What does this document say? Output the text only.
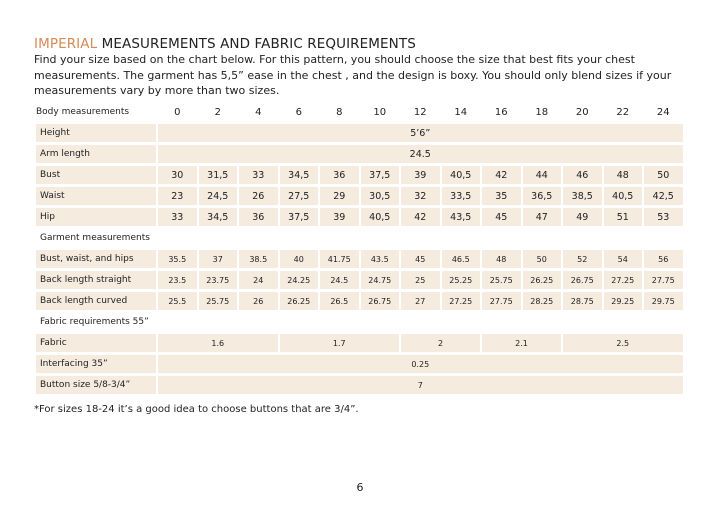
IMPERIAL MEASUREMENTS AND FABRIC REQUIREMENTS
Find your size based on the chart below. For this pattern, you should choose the size that best fits your chest measurements. The garment has 5,5” ease in the chest , and the design is boxy. You should only blend sizes if your measurements vary by more than two sizes.
Body measurements	0	2	4	6	8	10	12	14	16	18	20	22	24
Height	5’6”												
Arm length	24.5												
Bust	30	31,5	33	34,5	36	37,5	39	40,5	42	44	46	48	50
Waist	23	24,5	26	27,5	29	30,5	32	33,5	35	36,5	38,5	40,5	42,5
Hip	33	34,5	36	37,5	39	40,5	42	43,5	45	47	49	51	53
Garment measurements													
Bust, waist, and hips	35.5	37	38.5	40	41.75	43.5	45	46.5	48	50	52	54	56
Back length straight	23.5	23.75	24	24.25	24.5	24.75	25	25.25	25.75	26.25	26.75	27.25	27.75
Back length curved	25.5	25.75	26	26.25	26.5	26.75	27	27.25	27.75	28.25	28.75	29.25	29.75
Fabric requirements 55”													
Fabric	1.6			1.7			2		2.1		2.5		
Interfacing 35”	0.25												
Button size 5/8-3/4”	7												
*For sizes 18-24 it’s a good idea to choose buttons that are 3/4”.
6
